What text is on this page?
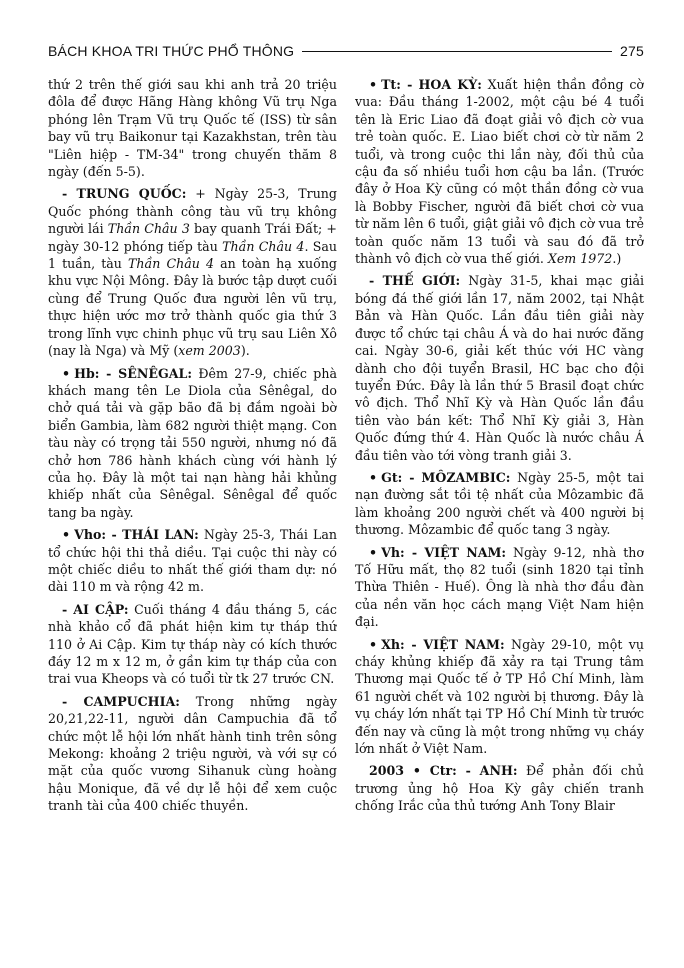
BÁCH KHOA TRI THỨC PHỔ THÔNG	275

thứ 2 trên thế giới sau khi anh trả 20 triệu đôla để được Hãng Hàng không Vũ trụ Nga phóng lên Trạm Vũ trụ Quốc tế (ISS) từ sân bay vũ trụ Baikonur tại Kazakhstan, trên tàu "Liên hiệp - TM-34" trong chuyến thăm 8 ngày (đến 5-5).

- TRUNG QUỐC: + Ngày 25-3, Trung Quốc phóng thành công tàu vũ trụ không người lái Thần Châu 3 bay quanh Trái Đất; + ngày 30-12 phóng tiếp tàu Thần Châu 4. Sau 1 tuần, tàu Thần Châu 4 an toàn hạ xuống khu vực Nội Mông. Đây là bước tập dượt cuối cùng để Trung Quốc đưa người lên vũ trụ, thực hiện ước mơ trở thành quốc gia thứ 3 trong lĩnh vực chinh phục vũ trụ sau Liên Xô (nay là Nga) và Mỹ (xem 2003).

• Hb: - SÊNÊGAL: Đêm 27-9, chiếc phà khách mang tên Le Diola của Sênêgal, do chở quá tải và gặp bão đã bị đắm ngoài bờ biển Gambia, làm 682 người thiệt mạng. Con tàu này có trọng tải 550 người, nhưng nó đã chở hơn 786 hành khách cùng với hành lý của họ. Đây là một tai nạn hàng hải khủng khiếp nhất của Sênêgal. Sênêgal để quốc tang ba ngày.

• Vho: - THÁI LAN: Ngày 25-3, Thái Lan tổ chức hội thi thả diều. Tại cuộc thi này có một chiếc diều to nhất thế giới tham dự: nó dài 110 m và rộng 42 m.

- AI CẬP: Cuối tháng 4 đầu tháng 5, các nhà khảo cổ đã phát hiện kim tự tháp thứ 110 ở Ai Cập. Kim tự tháp này có kích thước đáy 12 m x 12 m, ở gần kim tự tháp của con trai vua Kheops và có tuổi từ tk 27 trước CN.

- CAMPUCHIA: Trong những ngày 20,21,22-11, người dân Campuchia đã tổ chức một lễ hội lớn nhất hành tinh trên sông Mekong: khoảng 2 triệu người, và với sự có mặt của quốc vương Sihanuk cùng hoàng hậu Monique, đã về dự lễ hội để xem cuộc tranh tài của 400 chiếc thuyền.

• Tt: - HOA KỲ: Xuất hiện thần đồng cờ vua: Đầu tháng 1-2002, một cậu bé 4 tuổi tên là Eric Liao đã đoạt giải vô địch cờ vua trẻ toàn quốc. E. Liao biết chơi cờ từ năm 2 tuổi, và trong cuộc thi lần này, đối thủ của cậu đa số nhiều tuổi hơn cậu ba lần. (Trước đây ở Hoa Kỳ cũng có một thần đồng cờ vua là Bobby Fischer, người đã biết chơi cờ vua từ năm lên 6 tuổi, giật giải vô địch cờ vua trẻ toàn quốc năm 13 tuổi và sau đó đã trở thành vô địch cờ vua thế giới. Xem 1972.)

- THẾ GIỚI: Ngày 31-5, khai mạc giải bóng đá thế giới lần 17, năm 2002, tại Nhật Bản và Hàn Quốc. Lần đầu tiên giải này được tổ chức tại châu Á và do hai nước đăng cai. Ngày 30-6, giải kết thúc với HC vàng dành cho đội tuyển Brasil, HC bạc cho đội tuyển Đức. Đây là lần thứ 5 Brasil đoạt chức vô địch. Thổ Nhĩ Kỳ và Hàn Quốc lần đầu tiên vào bán kết: Thổ Nhĩ Kỳ giải 3, Hàn Quốc đứng thứ 4. Hàn Quốc là nước châu Á đầu tiên vào tới vòng tranh giải 3.

• Gt: - MÔZAMBIC: Ngày 25-5, một tai nạn đường sắt tồi tệ nhất của Môzambic đã làm khoảng 200 người chết và 400 người bị thương. Môzambic để quốc tang 3 ngày.

• Vh: - VIỆT NAM: Ngày 9-12, nhà thơ Tố Hữu mất, thọ 82 tuổi (sinh 1820 tại tỉnh Thừa Thiên - Huế). Ông là nhà thơ đầu đàn của nền văn học cách mạng Việt Nam hiện đại.

• Xh: - VIỆT NAM: Ngày 29-10, một vụ cháy khủng khiếp đã xảy ra tại Trung tâm Thương mại Quốc tế ở TP Hồ Chí Minh, làm 61 người chết và 102 người bị thương. Đây là vụ cháy lớn nhất tại TP Hồ Chí Minh từ trước đến nay và cũng là một trong những vụ cháy lớn nhất ở Việt Nam.

2003 • Ctr: - ANH: Để phản đối chủ trương ủng hộ Hoa Kỳ gây chiến tranh chống Irắc của thủ tướng Anh Tony Blair
